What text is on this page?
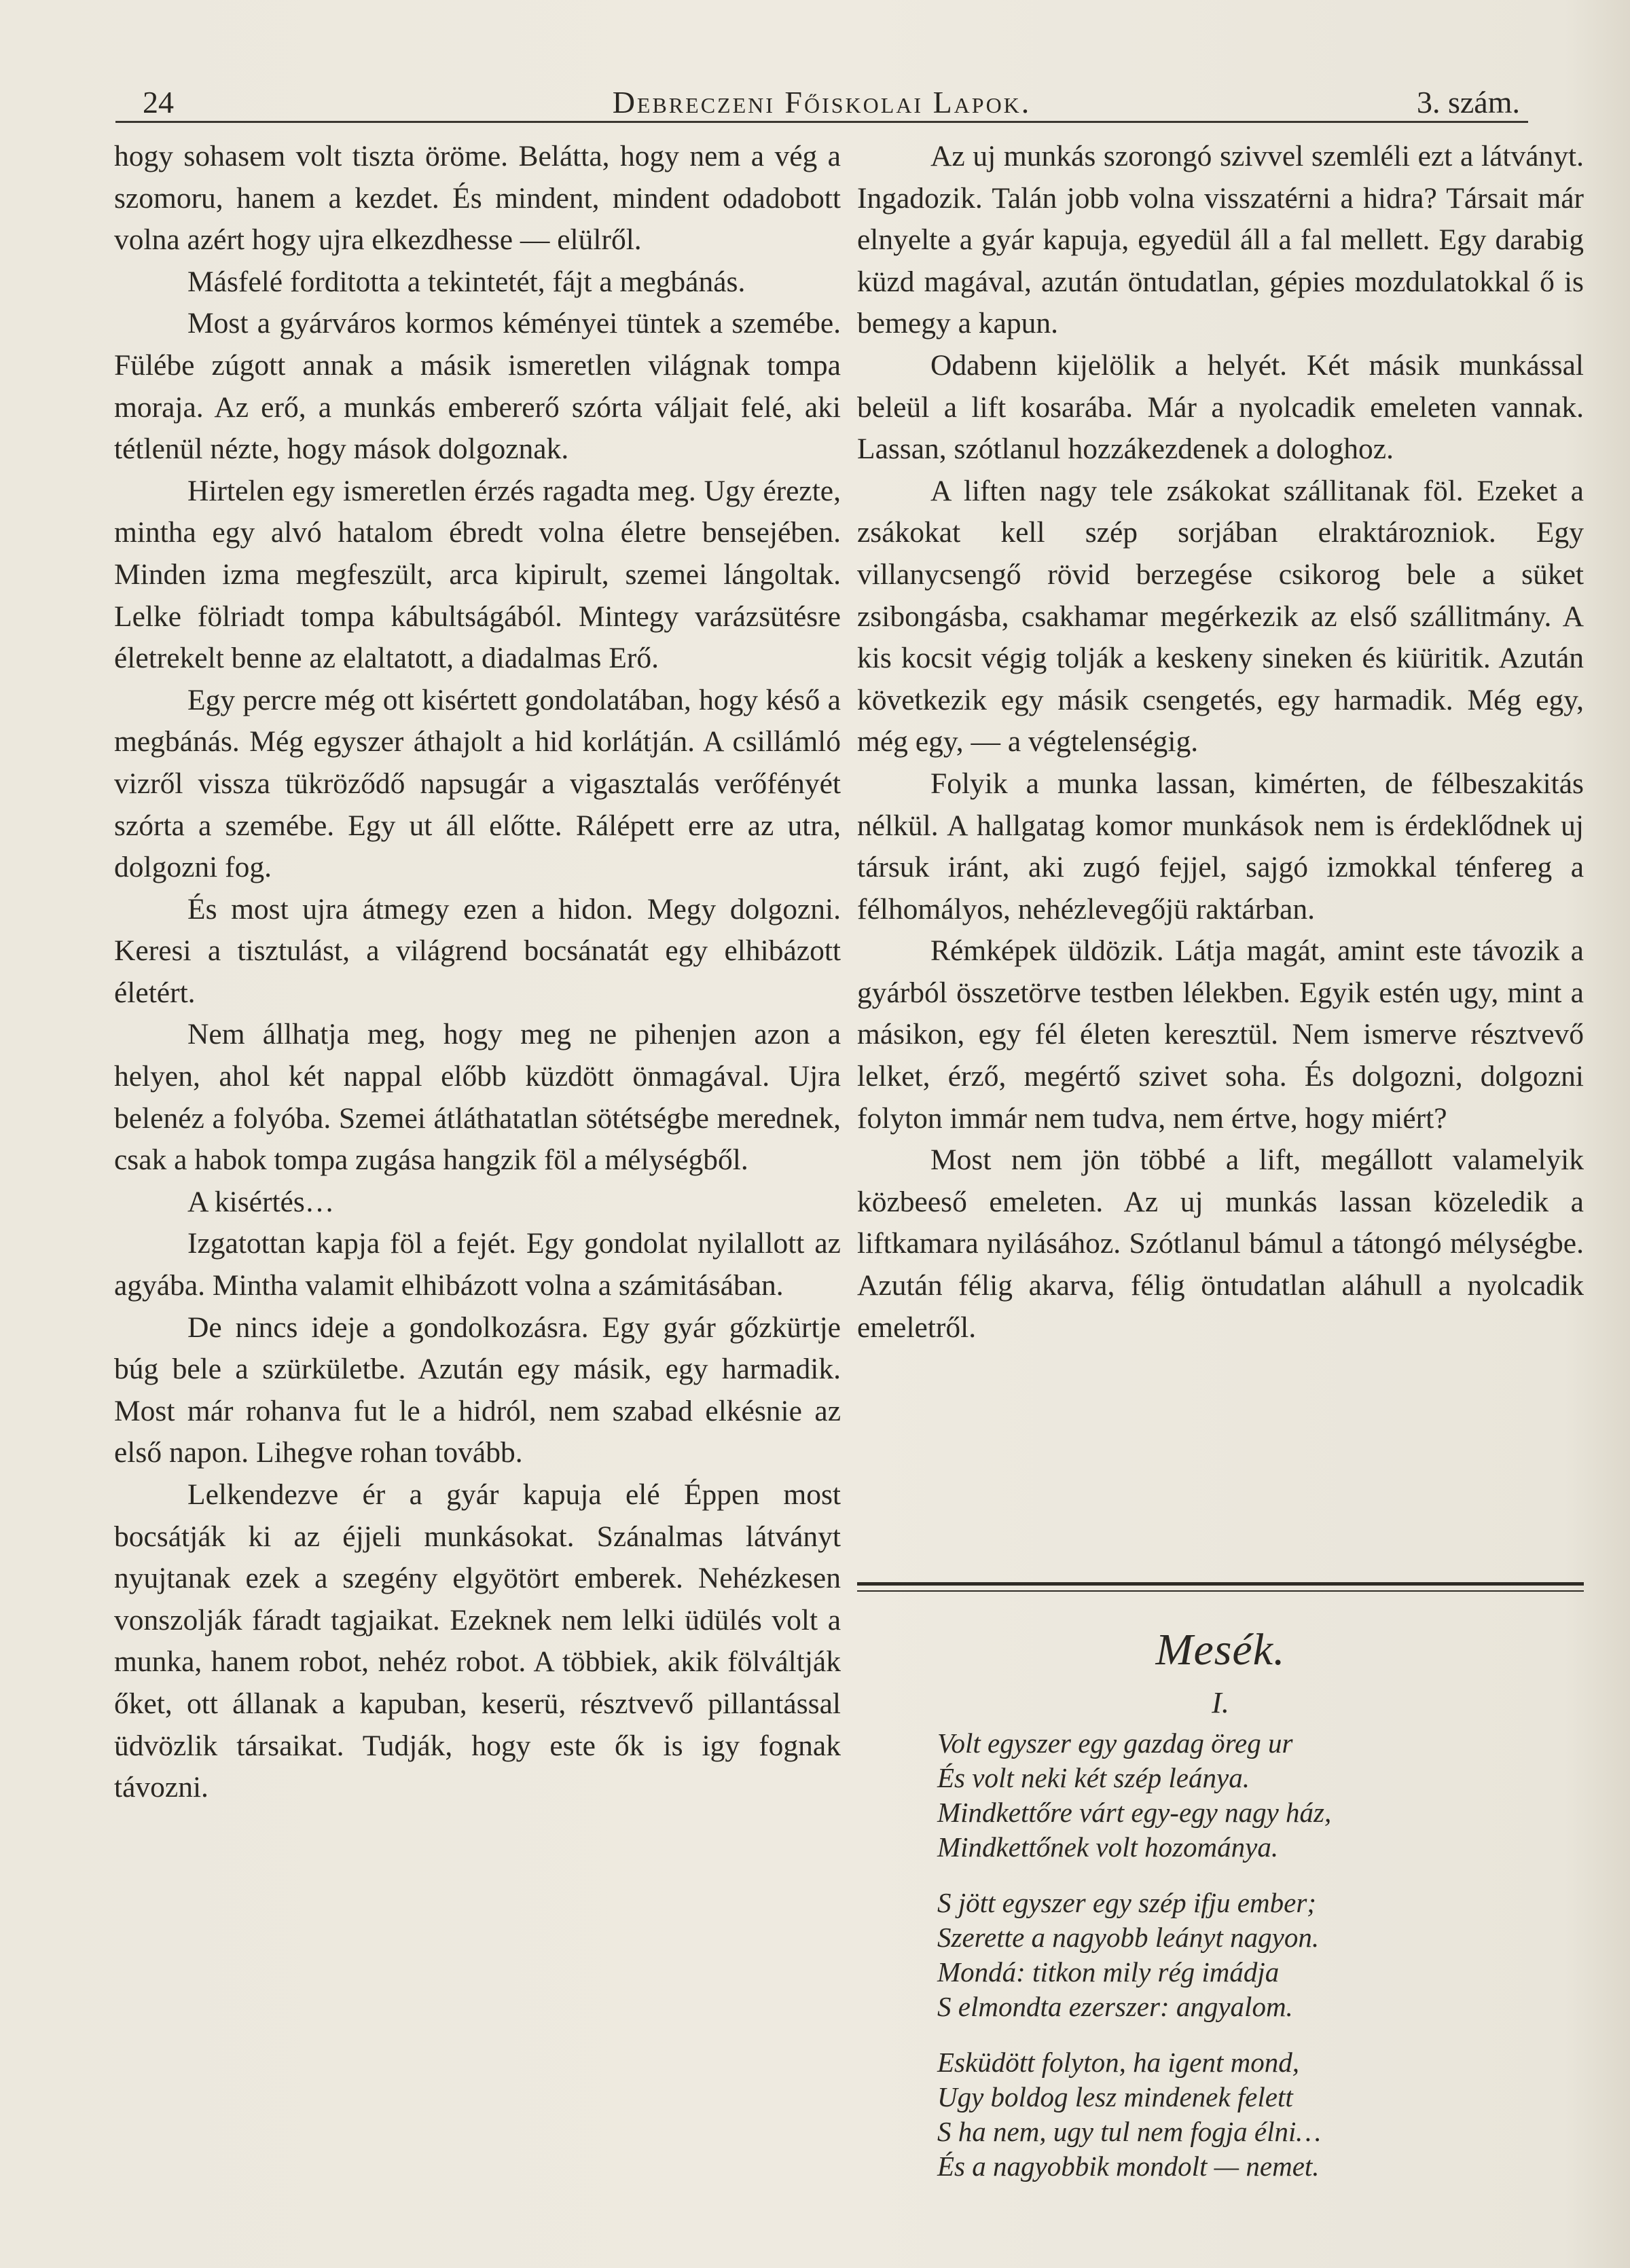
24	Debreczeni Főiskolai Lapok.	3. szám.

hogy sohasem volt tiszta öröme. Belátta, hogy nem a vég a szomoru, hanem a kezdet. És mindent, mindent odadobott volna azért hogy ujra elkezdhesse — elülről.

Másfelé forditotta a tekintetét, fájt a megbánás.

Most a gyárváros kormos kéményei tüntek a szemébe. Fülébe zúgott annak a másik ismeretlen világnak tompa moraja. Az erő, a munkás embererő szórta váljait felé, aki tétlenül nézte, hogy mások dolgoznak.

Hirtelen egy ismeretlen érzés ragadta meg. Ugy érezte, mintha egy alvó hatalom ébredt volna életre bensejében. Minden izma megfeszült, arca kipirult, szemei lángoltak. Lelke fölriadt tompa kábultságából. Mintegy varázsütésre életrekelt benne az elaltatott, a diadalmas Erő.

Egy percre még ott kisértett gondolatában, hogy késő a megbánás. Még egyszer áthajolt a hid korlátján. A csillámló vizről vissza tükröződő napsugár a vigasztalás verőfényét szórta a szemébe. Egy ut áll előtte. Rálépett erre az utra, dolgozni fog.

És most ujra átmegy ezen a hidon. Megy dolgozni. Keresi a tisztulást, a világrend bocsánatát egy elhibázott életért.

Nem állhatja meg, hogy meg ne pihenjen azon a helyen, ahol két nappal előbb küzdött önmagával. Ujra belenéz a folyóba. Szemei átláthatatlan sötétségbe merednek, csak a habok tompa zugása hangzik föl a mélységből.

A kisértés…

Izgatottan kapja föl a fejét. Egy gondolat nyilallott az agyába. Mintha valamit elhibázott volna a számitásában.

De nincs ideje a gondolkozásra. Egy gyár gőzkürtje búg bele a szürkületbe. Azután egy másik, egy harmadik. Most már rohanva fut le a hidról, nem szabad elkésnie az első napon. Lihegve rohan tovább.

Lelkendezve ér a gyár kapuja elé Éppen most bocsátják ki az éjjeli munkásokat. Szánalmas látványt nyujtanak ezek a szegény elgyötört emberek. Nehézkesen vonszolják fáradt tagjaikat. Ezeknek nem lelki üdülés volt a munka, hanem robot, nehéz robot. A többiek, akik fölváltják őket, ott állanak a kapuban, keserü, résztvevő pillantással üdvözlik társaikat. Tudják, hogy este ők is igy fognak távozni.

Az uj munkás szorongó szivvel szemléli ezt a látványt. Ingadozik. Talán jobb volna visszatérni a hidra? Társait már elnyelte a gyár kapuja, egyedül áll a fal mellett. Egy darabig küzd magával, azután öntudatlan, gépies mozdulatokkal ő is bemegy a kapun.

Odabenn kijelölik a helyét. Két másik munkással beleül a lift kosarába. Már a nyolcadik emeleten vannak. Lassan, szótlanul hozzákezdenek a dologhoz.

A liften nagy tele zsákokat szállitanak föl. Ezeket a zsákokat kell szép sorjában elraktározniok. Egy villanycsengő rövid berzegése csikorog bele a süket zsibongásba, csakhamar megérkezik az első szállitmány. A kis kocsit végig tolják a keskeny sineken és kiüritik. Azután következik egy másik csengetés, egy harmadik. Még egy, még egy, — a végtelenségig.

Folyik a munka lassan, kimérten, de félbeszakitás nélkül. A hallgatag komor munkások nem is érdeklődnek uj társuk iránt, aki zugó fejjel, sajgó izmokkal ténfereg a félhomályos, nehézlevegőjü raktárban.

Rémképek üldözik. Látja magát, amint este távozik a gyárból összetörve testben lélekben. Egyik estén ugy, mint a másikon, egy fél életen keresztül. Nem ismerve résztvevő lelket, érző, megértő szivet soha. És dolgozni, dolgozni folyton immár nem tudva, nem értve, hogy miért?

Most nem jön többé a lift, megállott valamelyik közbeeső emeleten. Az uj munkás lassan közeledik a liftkamara nyilásához. Szótlanul bámul a tátongó mélységbe. Azután félig akarva, félig öntudatlan aláhull a nyolcadik emeletről.

Mesék.
I.
Volt egyszer egy gazdag öreg ur
És volt neki két szép leánya.
Mindkettőre várt egy-egy nagy ház,
Mindkettőnek volt hozománya.
S jött egyszer egy szép ifju ember;
Szerette a nagyobb leányt nagyon.
Mondá: titkon mily rég imádja
S elmondta ezerszer: angyalom.
Esküdött folyton, ha igent mond,
Ugy boldog lesz mindenek felett
S ha nem, ugy tul nem fogja élni…
És a nagyobbik mondolt — nemet.
